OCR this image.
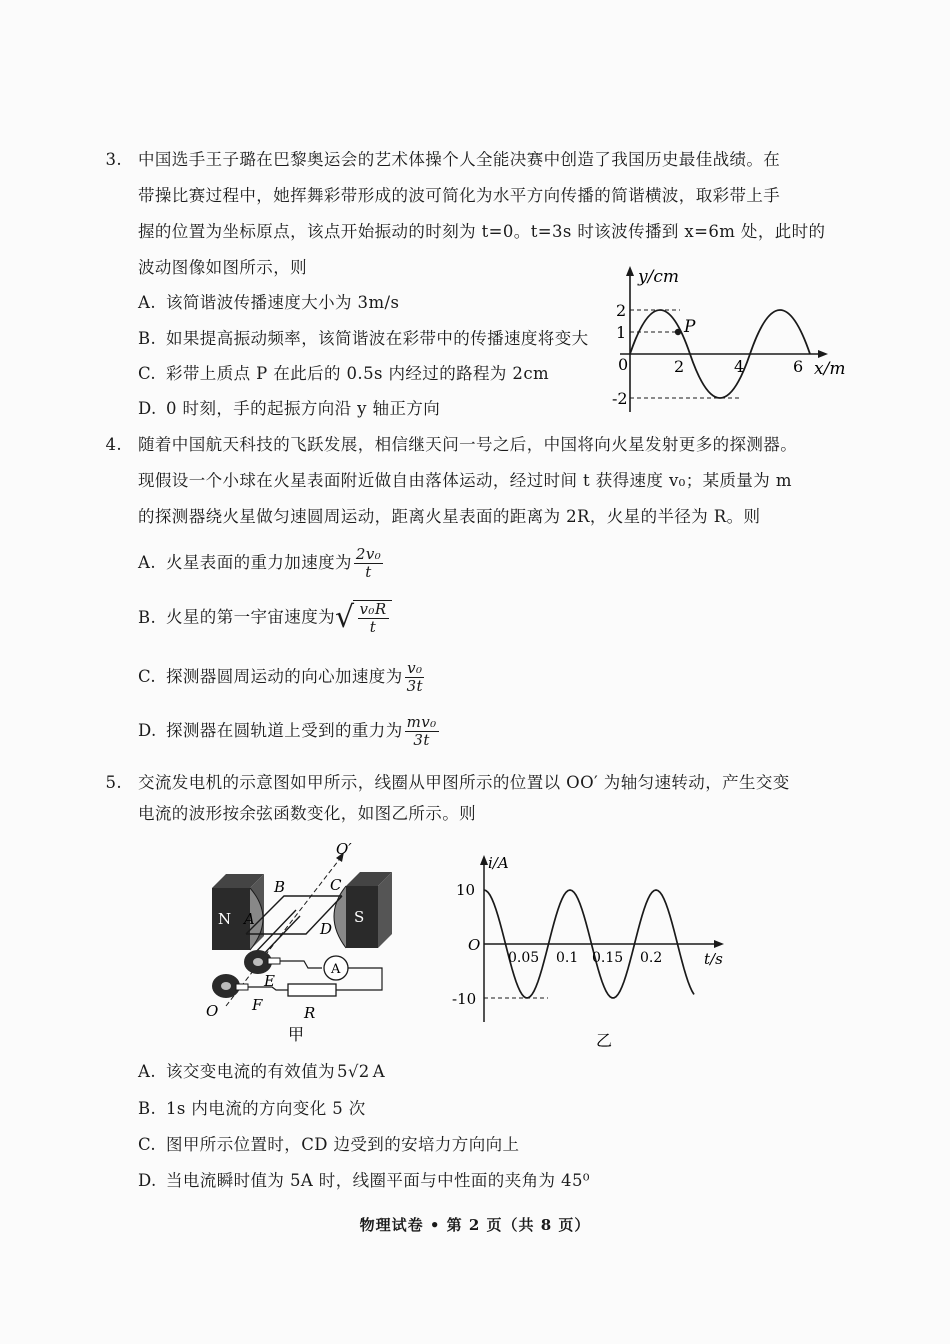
3. 中国选手王子璐在巴黎奥运会的艺术体操个人全能决赛中创造了我国历史最佳战绩。在
带操比赛过程中，她挥舞彩带形成的波可简化为水平方向传播的简谐横波，取彩带上手
握的位置为坐标原点，该点开始振动的时刻为 t=0。t=3s 时该波传播到 x=6m 处，此时的
波动图像如图所示，则
A. 该简谐波传播速度大小为 3m/s
B. 如果提高振动频率，该简谐波在彩带中的传播速度将变大
C. 彩带上质点 P 在此后的 0.5s 内经过的路程为 2cm
D. 0 时刻，手的起振方向沿 y 轴正方向
P
y/cm
x/m
0
2
1
-2
2	4	6
4. 随着中国航天科技的飞跃发展，相信继天问一号之后，中国将向火星发射更多的探测器。
现假设一个小球在火星表面附近做自由落体运动，经过时间 t 获得速度 v₀；某质量为 m
的探测器绕火星做匀速圆周运动，距离火星表面的距离为 2R，火星的半径为 R。则
A. 火星表面的重力加速度为 $\frac{\text{2v₀}}{t}$
B. 火星的第一宇宙速度为 √ $\frac{\text{v₀R}}{t}$
C. 探测器圆周运动的向心加速度为 $\frac{\text{v₀}}{3t}$
D. 探测器在圆轨道上受到的重力为 $\frac{\text{mv₀}}{3t}$
5. 交流发电机的示意图如甲所示，线圈从甲图所示的位置以 OO′ 为轴匀速转动，产生交变
电流的波形按余弦函数变化，如图乙所示。则
N	S
A
B
A
C
D
E
F	R
O
O′
甲
i/A
t/s
O
10
-10
0.05 0.1 0.15 0.2
乙
A. 该交变电流的有效值为 5√2 A
B. 1s 内电流的方向变化 5 次
C. 图甲所示位置时，CD 边受到的安培力方向向上
D. 当电流瞬时值为 5A 时，线圈平面与中性面的夹角为 45⁰
物理试卷 • 第 2 页（共 8 页）
